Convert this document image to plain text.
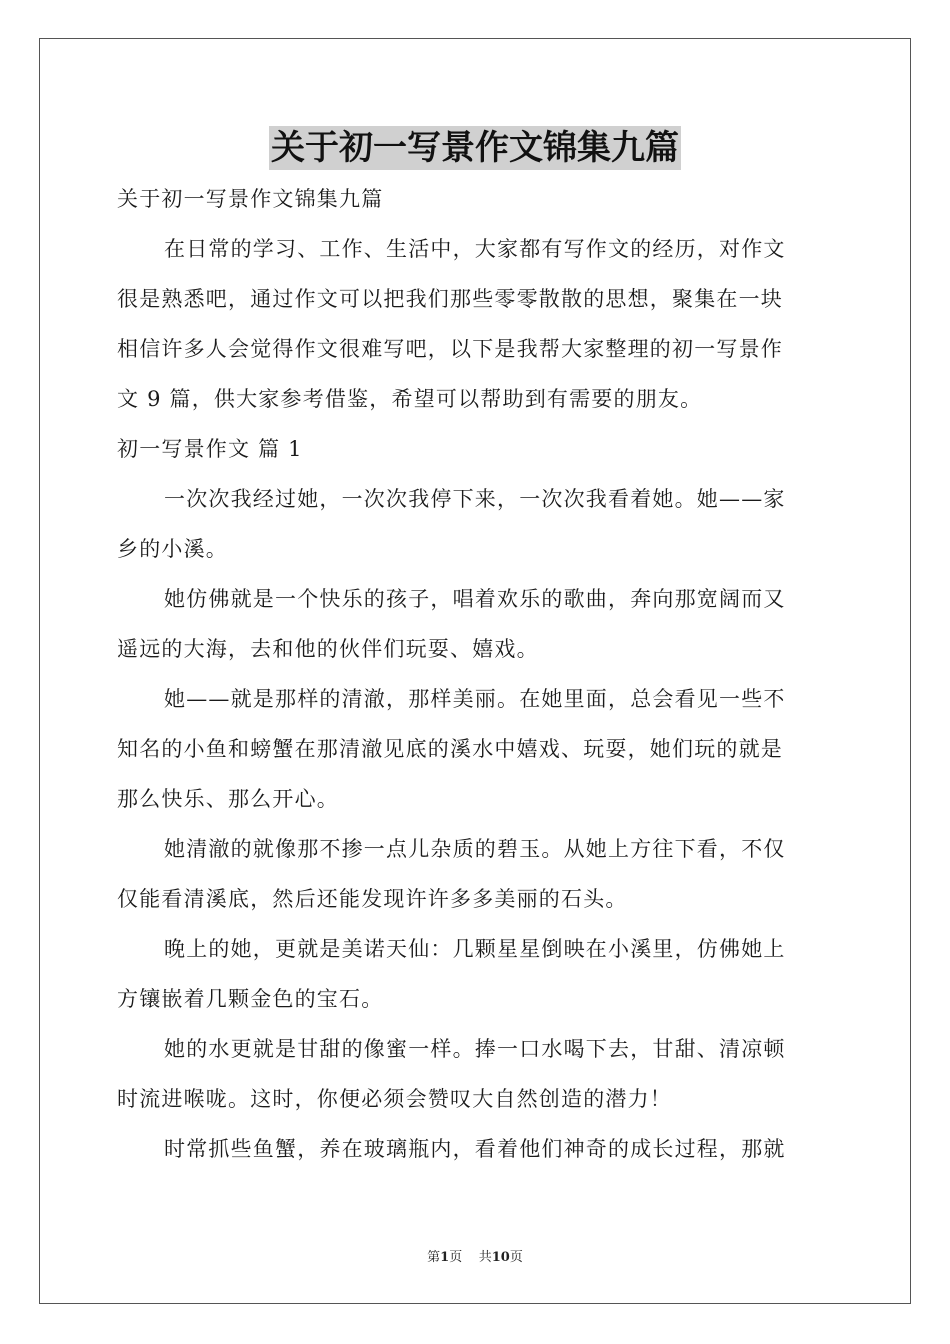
关于初一写景作文锦集九篇
关于初一写景作文锦集九篇
在日常的学习、工作、生活中，大家都有写作文的经历，对作文
很是熟悉吧，通过作文可以把我们那些零零散散的思想，聚集在一块
相信许多人会觉得作文很难写吧，以下是我帮大家整理的初一写景作
文 9 篇，供大家参考借鉴，希望可以帮助到有需要的朋友。
初一写景作文 篇 1
一次次我经过她，一次次我停下来，一次次我看着她。她——家
乡的小溪。
她仿佛就是一个快乐的孩子，唱着欢乐的歌曲，奔向那宽阔而又
遥远的大海，去和他的伙伴们玩耍、嬉戏。
她——就是那样的清澈，那样美丽。在她里面，总会看见一些不
知名的小鱼和螃蟹在那清澈见底的溪水中嬉戏、玩耍，她们玩的就是
那么快乐、那么开心。
她清澈的就像那不掺一点儿杂质的碧玉。从她上方往下看，不仅
仅能看清溪底，然后还能发现许许多多美丽的石头。
晚上的她，更就是美诺天仙：几颗星星倒映在小溪里，仿佛她上
方镶嵌着几颗金色的宝石。
她的水更就是甘甜的像蜜一样。捧一口水喝下去，甘甜、清凉顿
时流进喉咙。这时，你便必须会赞叹大自然创造的潜力！
时常抓些鱼蟹，养在玻璃瓶内，看着他们神奇的成长过程，那就
第1页 共10页
